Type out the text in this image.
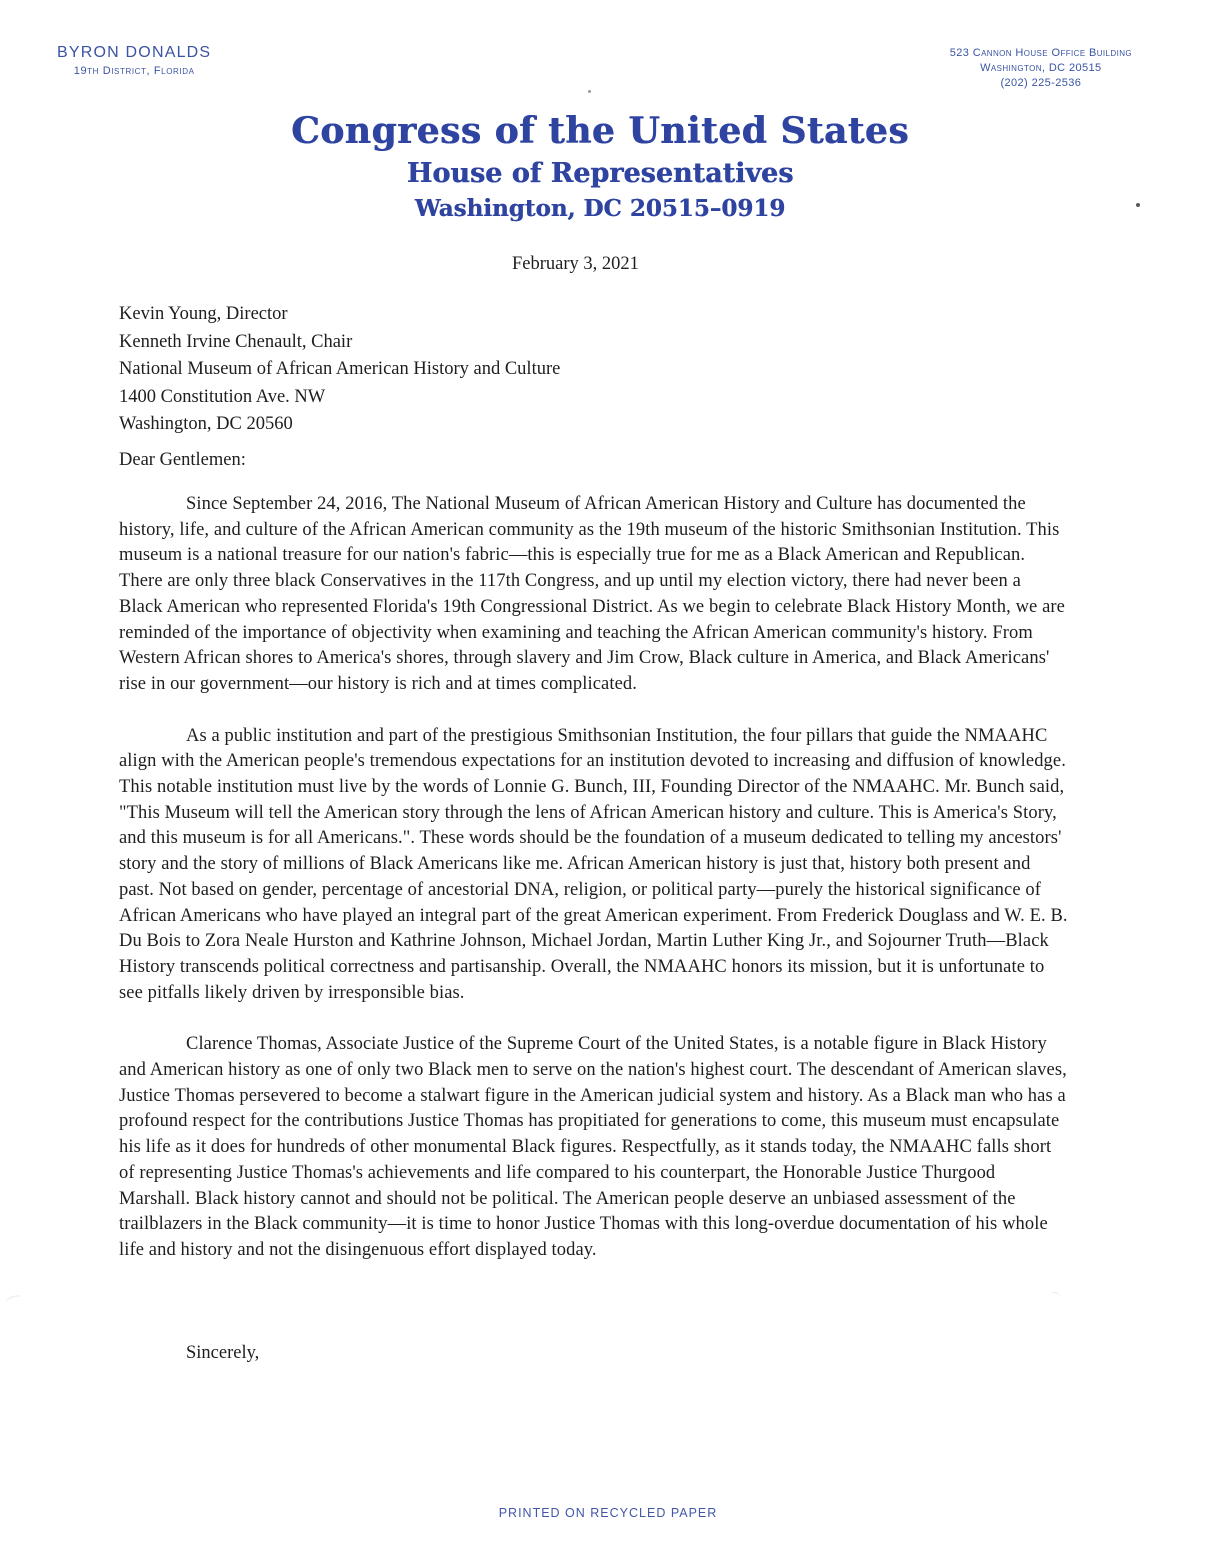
BYRON DONALDS
19th District, Florida
523 Cannon House Office Building
Washington, DC 20515
(202) 225-2536
Congress of the United States
House of Representatives
Washington, DC 20515–0919
February 3, 2021
Kevin Young, Director
Kenneth Irvine Chenault, Chair
National Museum of African American History and Culture
1400 Constitution Ave. NW
Washington, DC 20560
Dear Gentlemen:

Since September 24, 2016, The National Museum of African American History and Culture has documented the history, life, and culture of the African American community as the 19th museum of the historic Smithsonian Institution. This museum is a national treasure for our nation's fabric—this is especially true for me as a Black American and Republican. There are only three black Conservatives in the 117th Congress, and up until my election victory, there had never been a Black American who represented Florida's 19th Congressional District. As we begin to celebrate Black History Month, we are reminded of the importance of objectivity when examining and teaching the African American community's history. From Western African shores to America's shores, through slavery and Jim Crow, Black culture in America, and Black Americans' rise in our government—our history is rich and at times complicated.

As a public institution and part of the prestigious Smithsonian Institution, the four pillars that guide the NMAAHC align with the American people's tremendous expectations for an institution devoted to increasing and diffusion of knowledge. This notable institution must live by the words of Lonnie G. Bunch, III, Founding Director of the NMAAHC. Mr. Bunch said, "This Museum will tell the American story through the lens of African American history and culture. This is America's Story, and this museum is for all Americans.". These words should be the foundation of a museum dedicated to telling my ancestors' story and the story of millions of Black Americans like me. African American history is just that, history both present and past. Not based on gender, percentage of ancestorial DNA, religion, or political party—purely the historical significance of African Americans who have played an integral part of the great American experiment. From Frederick Douglass and W. E. B. Du Bois to Zora Neale Hurston and Kathrine Johnson, Michael Jordan, Martin Luther King Jr., and Sojourner Truth—Black History transcends political correctness and partisanship. Overall, the NMAAHC honors its mission, but it is unfortunate to see pitfalls likely driven by irresponsible bias.

Clarence Thomas, Associate Justice of the Supreme Court of the United States, is a notable figure in Black History and American history as one of only two Black men to serve on the nation's highest court. The descendant of American slaves, Justice Thomas persevered to become a stalwart figure in the American judicial system and history. As a Black man who has a profound respect for the contributions Justice Thomas has propitiated for generations to come, this museum must encapsulate his life as it does for hundreds of other monumental Black figures. Respectfully, as it stands today, the NMAAHC falls short of representing Justice Thomas's achievements and life compared to his counterpart, the Honorable Justice Thurgood Marshall. Black history cannot and should not be political. The American people deserve an unbiased assessment of the trailblazers in the Black community—it is time to honor Justice Thomas with this long-overdue documentation of his whole life and history and not the disingenuous effort displayed today.

Sincerely,
PRINTED ON RECYCLED PAPER
